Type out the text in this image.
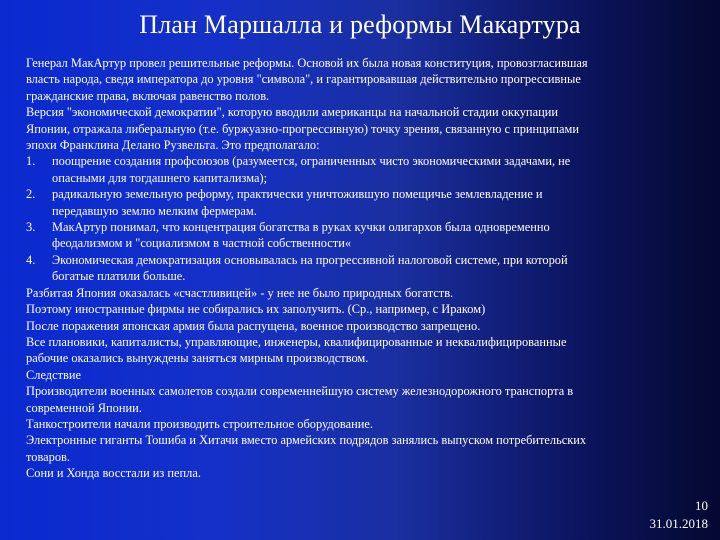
План Маршалла и реформы Макартура
Генерал МакАртур провел решительные реформы. Основой их была новая конституция, провозгласившая
власть народа, сведя императора до уровня "символа", и гарантировавшая действительно прогрессивные
гражданские права, включая равенство полов.
Версия "экономической демократии", которую вводили американцы на начальной стадии оккупации
Японии, отражала либеральную (т.е. буржуазно-прогрессивную) точку зрения, связанную с принципами
эпохи Франклина Делано Рузвельта. Это предполагало:
1. поощрение создания профсоюзов (разумеется, ограниченных чисто экономическими задачами, не
опасными для тогдашнего капитализма);
2. радикальную земельную реформу, практически уничтожившую помещичье землевладение и
передавшую землю мелким фермерам.
3. МакАртур понимал, что концентрация богатства в руках кучки олигархов была одновременно
феодализмом и "социализмом в частной собственности«
4. Экономическая демократизация основывалась на прогрессивной налоговой системе, при которой
богатые платили больше.
Разбитая Япония оказалась «счастливицей» - у нее не было природных богатств.
Поэтому иностранные фирмы не собирались их заполучить. (Ср., например, с Ираком)
После поражения японская армия была распущена, военное производство запрещено.
Все плановики, капиталисты, управляющие, инженеры, квалифицированные и неквалифицированные
рабочие оказались вынуждены заняться мирным производством.
Следствие
Производители военных самолетов создали современнейшую систему железнодорожного транспорта в
современной Японии.
Танкостроители начали производить строительное оборудование.
Электронные гиганты Тошиба и Хитачи вместо армейских подрядов занялись выпуском потребительских
товаров.
Сони и Хонда восстали из пепла.
10
31.01.2018
